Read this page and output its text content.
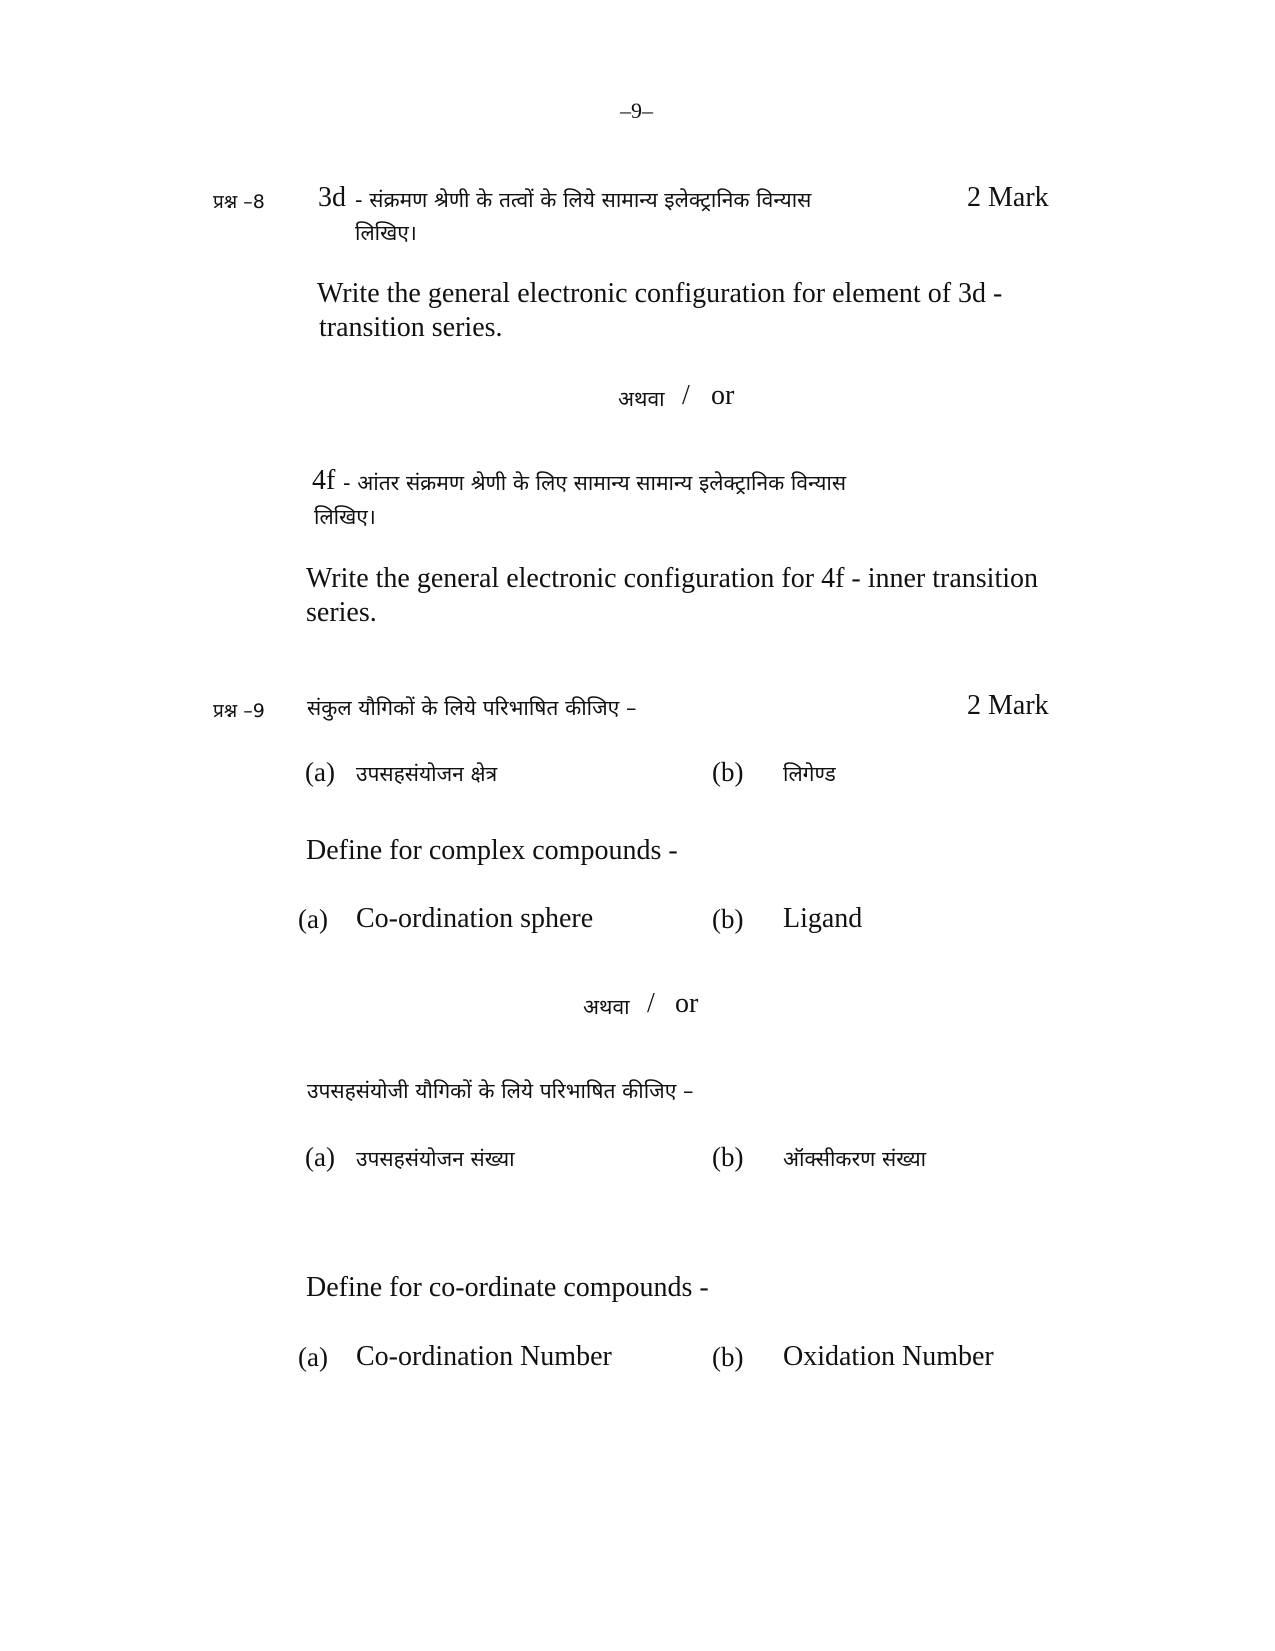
–9–
प्रश्न –8 3d - संक्रमण श्रेणी के तत्वों के लिये सामान्य इलेक्ट्रानिक विन्यास
लिखिए।
2 Mark
Write the general electronic configuration for element of 3d -
transition series.
अथवा / or
4f - आंतर संक्रमण श्रेणी के लिए सामान्य सामान्य इलेक्ट्रानिक विन्यास
लिखिए।
Write the general electronic configuration for 4f - inner transition
series.
प्रश्न –9 संकुल यौगिकों के लिये परिभाषित कीजिए –	2 Mark
(a) उपसहसंयोजन क्षेत्र	(b) लिगेण्ड
Define for complex compounds -
(a) Co-ordination sphere	(b) Ligand
अथवा / or
उपसहसंयोजी यौगिकों के लिये परिभाषित कीजिए –
(a) उपसहसंयोजन संख्या	(b) ऑक्सीकरण संख्या
Define for co-ordinate compounds -
(a) Co-ordination Number	(b) Oxidation Number
